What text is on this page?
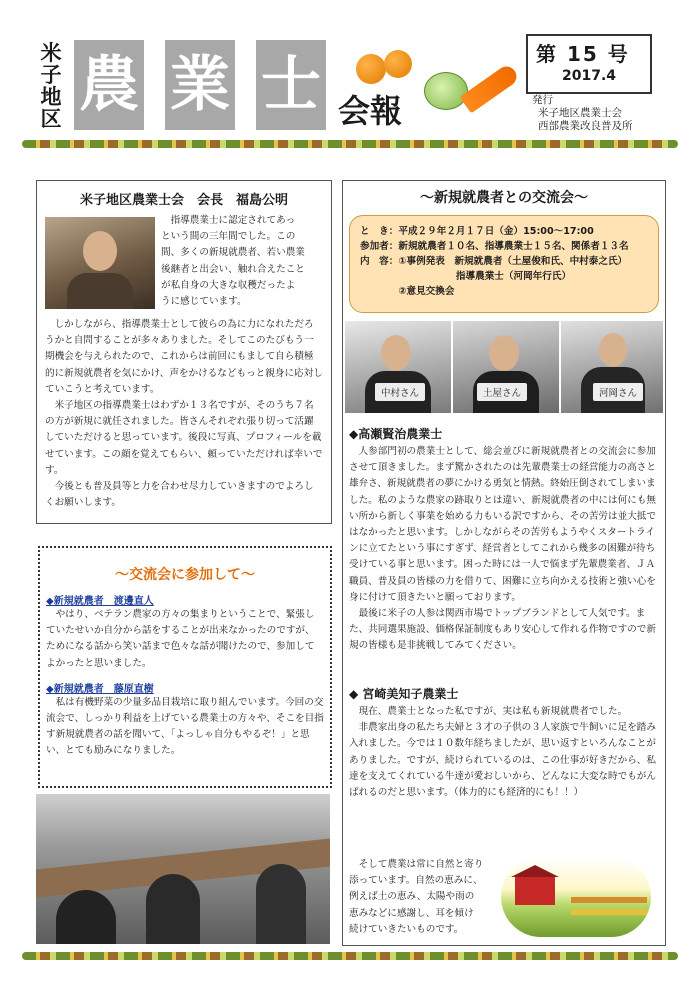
米
子
地
区 農 業 士 会報
第 15 号
2017.4
発行
米子地区農業士会
西部農業改良普及所
米子地区農業士会　会長　福島公明
指導農業士に認定されてあっ
という間の三年間でした。この
間、多くの新規就農者、若い農業
後継者と出会い、触れ合えたこと
が私自身の大きな収穫だったよ
うに感じています。

しかしながら、指導農業士として彼らの為に力になれただろうかと自問することが多々ありました。そしてこのたびもう一期機会を与えられたので、これからは前回にもまして自ら積極的に新規就農者を気にかけ、声をかけるなどもっと親身に応対していこうと考えています。

米子地区の指導農業士はわずか１３名ですが、そのうち７名の方が新規に就任されました。皆さんそれぞれ張り切って活躍していただけると思っています。後段に写真、プロフィールを載せています。この顔を覚えてもらい、頼っていただければ幸いです。

今後とも普及員等と力を合わせ尽力していきますのでよろしくお願いします。

～交流会に参加して～
◆新規就農者　渡邊直人

やはり、ベテラン農家の方々の集まりということで、緊張していたせいか自分から話をすることが出来なかったのですが、ためになる話から笑い話まで色々な話が聞けたので、参加してよかったと思いました。

◆新規就農者　藤原直樹

私は有機野菜の少量多品目栽培に取り組んでいます。今回の交流会で、しっかり利益を上げている農業士の方々や、そこを目指す新規就農者の話を聞いて、「よっしゃ自分もやるぞ！」と思い、とても励みになりました。

～新規就農者との交流会～
と　き：平成２９年２月１７日（金）15:00～17:00
参加者：新規就農者１０名、指導農業士１５名、関係者１３名
内　容：①事例発表　新規就農者（土屋俊和氏、中村泰之氏）
　　　　　　　　　　指導農業士（河岡年行氏）
　　　　②意見交換会
中村さん	土屋さん	河岡さん
◆高瀬賢治農業士

人参部門初の農業士として、総会並びに新規就農者との交流会に参加させて頂きました。まず驚かされたのは先輩農業士の経営能力の高さと雄弁さ、新規就農者の夢にかける勇気と情熱。終始圧倒されてしまいました。私のような農家の跡取りとは違い、新規就農者の中には何にも無い所から新しく事業を始める力もいる訳ですから、その苦労は並大抵ではなかったと思います。しかしながらその苦労もようやくスタートラインに立てたという事にすぎず、経営者としてこれから幾多の困難が待ち受けている事と思います。困った時には一人で悩まず先輩農業者、ＪＡ職員、普及員の皆様の力を借りて、困難に立ち向かえる技術と強い心を身に付けて頂きたいと願っております。

最後に米子の人参は関西市場でトップブランドとして人気です。また、共同選果施設、価格保証制度もあり安心して作れる作物ですので新規の皆様も是非挑戦してみてください。

◆ 宮崎美知子農業士

現在、農業士となった私ですが、実は私も新規就農者でした。

非農家出身の私たち夫婦と３才の子供の３人家族で牛飼いに足を踏み入れました。今では１０数年経ちましたが、思い返すといろんなことがありました。ですが、続けられているのは、この仕事が好きだから、私達を支えてくれている牛達が愛おしいから、どんなに大変な時でもがんばれるのだと思います。（体力的にも経済的にも！！）

そして農業は常に自然と寄り
添っています。自然の恵みに、
例えば土の恵み、太陽や雨の
恵みなどに感謝し、耳を傾け
続けていきたいものです。
